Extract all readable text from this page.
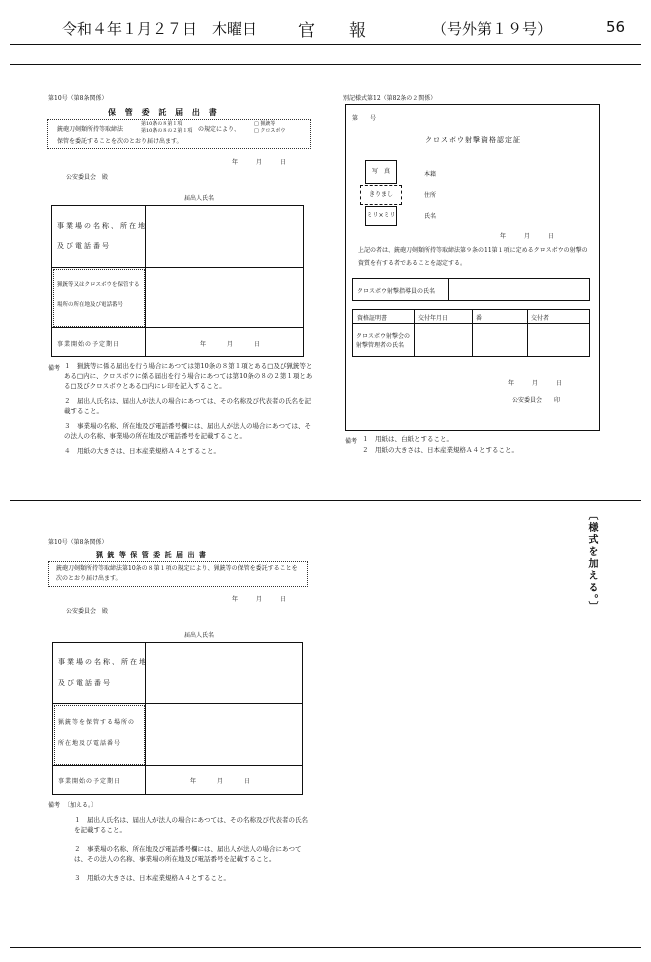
令和４年１月２７日　木曜日 官　　報	（号外第１９号）	56
第10号（第8条関係）
保 管 委 託 届 出 書
銃砲刀剣類所持等取締法
第10条の８第１項
第10条の８の２第１項 の規定により、
□ 猟銃等
□ クロスボウ
保管を委託することを次のとおり届け出ます。
年　　月　　日
公安委員会　殿
届出人氏名
事業場の名称、所在地
及び電話番号
猟銃等又はクロスボウを保管する
場所の所在地及び電話番号
事業開始の予定期日	年　　月　　日
備考 １　猟銃等に係る届出を行う場合にあつては第10条の８第１項とある□及び猟銃等とある□内に、クロスボウに係る届出を行う場合にあつては第10条の８の２第１項とある□及びクロスボウとある□内にレ印を記入すること。

２　届出人氏名は、届出人が法人の場合にあつては、その名称及び代表者の氏名を記載すること。

３　事業場の名称、所在地及び電話番号欄には、届出人が法人の場合にあつては、その法人の名称、事業場の所在地及び電話番号を記載すること。

４　用紙の大きさは、日本産業規格Ａ４とすること。

別記様式第12（第82条の２関係）
第　　号
クロスボウ射撃資格認定証
写　真
きりまし
ミリ×ミリ
本籍
住所
氏名
年　　月　　日
上記の者は、銃砲刀剣類所持等取締法第９条の11第１項に定めるクロスボウの射撃の資質を有する者であることを認定する。
クロスボウ射撃指導員の氏名
資格証明書	交付年月日	番	交付者
クロスボウ射撃会の
射撃管理者の氏名
年　　月　　日
公安委員会　　印
備考 １　用紙は、白紙とすること。

２　用紙の大きさは、日本産業規格Ａ４とすること。

第10号（第8条関係）
猟 銃 等 保 管 委 託 届 出 書
銃砲刀剣類所持等取締法第10条の８第１項の規定により、猟銃等の保管を委託することを次のとおり届け出ます。
年　　月　　日
公安委員会　殿
届出人氏名
事業場の名称、所在地
及び電話番号
猟銃等を保管する場所の
所在地及び電話番号
事業開始の予定期日	年　　月　　日
備考 〔加える。〕

１　届出人氏名は、届出人が法人の場合にあつては、その名称及び代表者の氏名を記載すること。

２　事業場の名称、所在地及び電話番号欄には、届出人が法人の場合にあつては、その法人の名称、事業場の所在地及び電話番号を記載すること。

３　用紙の大きさは、日本産業規格Ａ４とすること。

〔様式を加える。〕
